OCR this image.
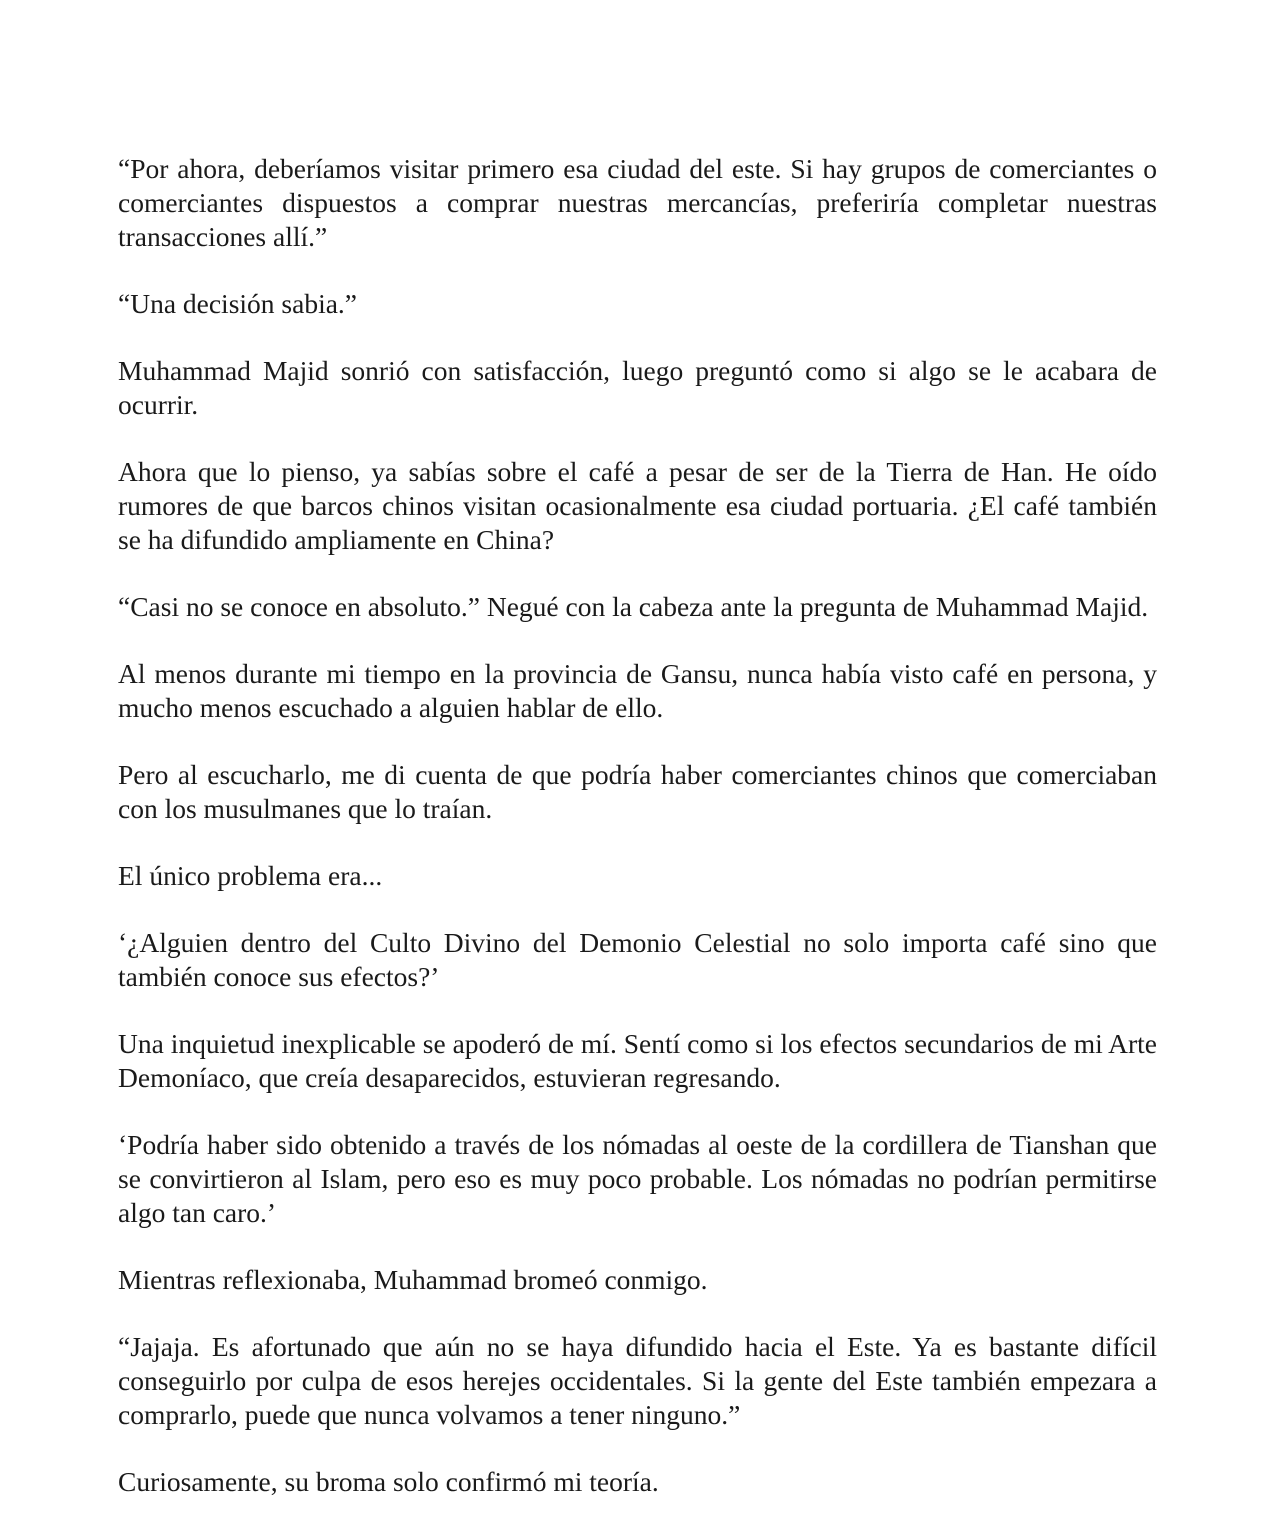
“Por ahora, deberíamos visitar primero esa ciudad del este. Si hay grupos de comerciantes o comerciantes dispuestos a comprar nuestras mercancías, preferiría completar nuestras transacciones allí.”

“Una decisión sabia.”

Muhammad Majid sonrió con satisfacción, luego preguntó como si algo se le acabara de ocurrir.

Ahora que lo pienso, ya sabías sobre el café a pesar de ser de la Tierra de Han. He oído rumores de que barcos chinos visitan ocasionalmente esa ciudad portuaria. ¿El café también se ha difundido ampliamente en China?

“Casi no se conoce en absoluto.” Negué con la cabeza ante la pregunta de Muhammad Majid.

Al menos durante mi tiempo en la provincia de Gansu, nunca había visto café en persona, y mucho menos escuchado a alguien hablar de ello.

Pero al escucharlo, me di cuenta de que podría haber comerciantes chinos que comerciaban con los musulmanes que lo traían.

El único problema era...

‘¿Alguien dentro del Culto Divino del Demonio Celestial no solo importa café sino que también conoce sus efectos?’

Una inquietud inexplicable se apoderó de mí. Sentí como si los efectos secundarios de mi Arte Demoníaco, que creía desaparecidos, estuvieran regresando.

‘Podría haber sido obtenido a través de los nómadas al oeste de la cordillera de Tianshan que se convirtieron al Islam, pero eso es muy poco probable. Los nómadas no podrían permitirse algo tan caro.’

Mientras reflexionaba, Muhammad bromeó conmigo.

“Jajaja. Es afortunado que aún no se haya difundido hacia el Este. Ya es bastante difícil conseguirlo por culpa de esos herejes occidentales. Si la gente del Este también empezara a comprarlo, puede que nunca volvamos a tener ninguno.”

Curiosamente, su broma solo confirmó mi teoría.
